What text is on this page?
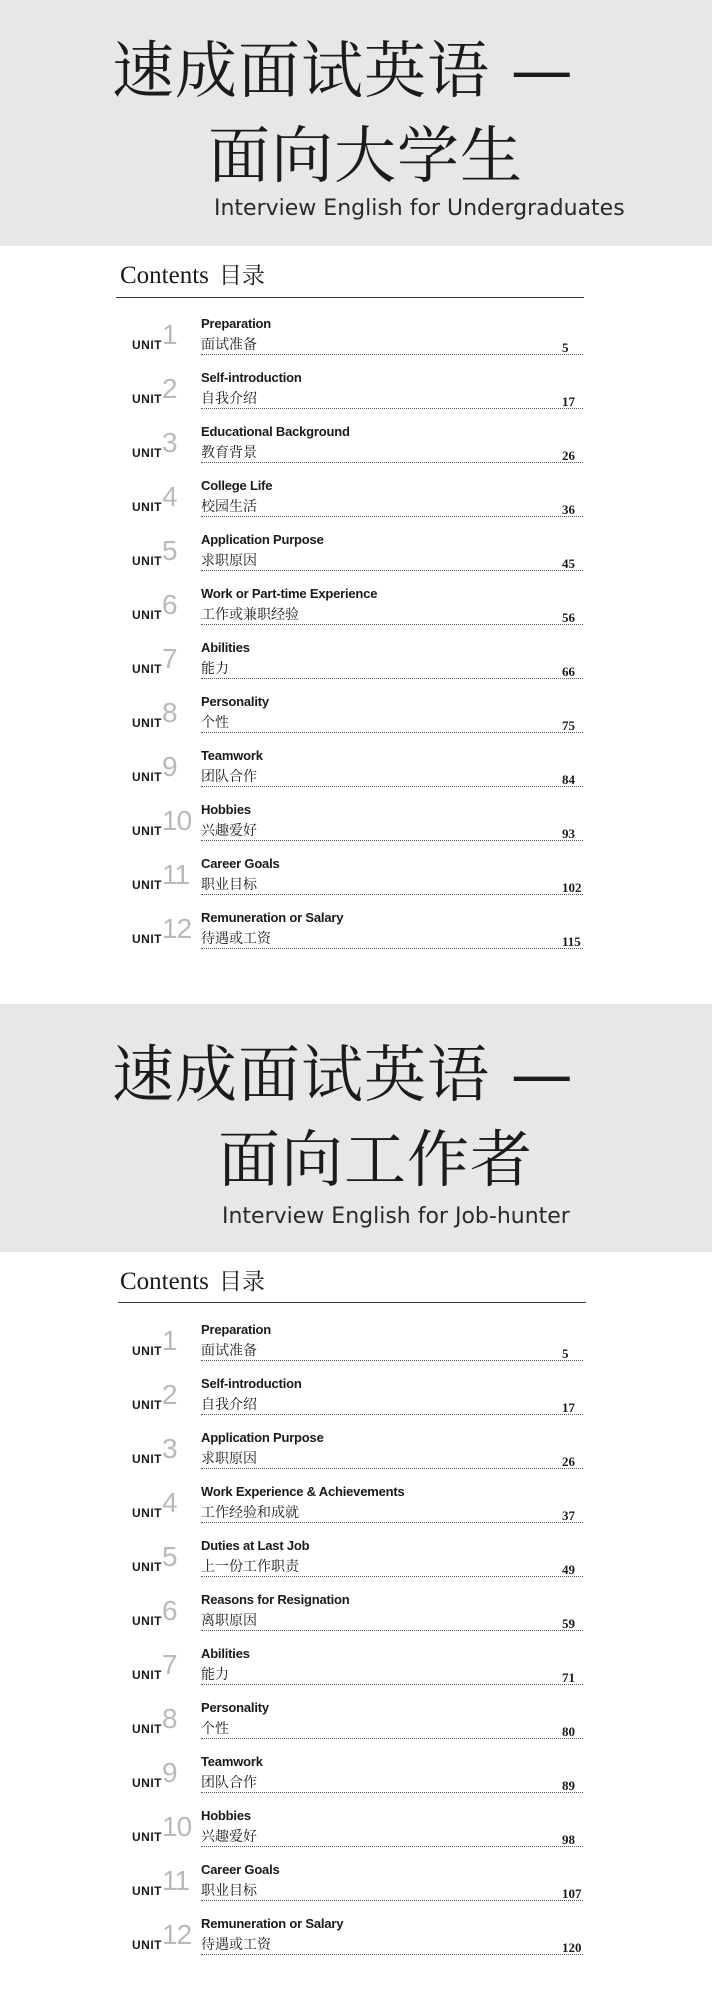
速成面试英语 —
面向大学生
Interview English for Undergraduates
Contents 目录
UNIT 1 Preparation
面试准备	5
UNIT 2 Self-introduction
自我介绍	17
UNIT 3 Educational Background
教育背景	26
UNIT 4 College Life
校园生活	36
UNIT 5 Application Purpose
求职原因	45
UNIT 6 Work or Part-time Experience
工作或兼职经验	56
UNIT 7 Abilities
能力	66
UNIT 8 Personality
个性	75
UNIT 9 Teamwork
团队合作	84
UNIT 10 Hobbies
兴趣爱好	93
UNIT 11 Career Goals
职业目标	102
UNIT 12 Remuneration or Salary
待遇或工资	115
速成面试英语 —
面向工作者
Interview English for Job-hunter
Contents 目录
UNIT 1 Preparation
面试准备	5
UNIT 2 Self-introduction
自我介绍	17
UNIT 3 Application Purpose
求职原因	26
UNIT 4 Work Experience & Achievements
工作经验和成就	37
UNIT 5 Duties at Last Job
上一份工作职责	49
UNIT 6 Reasons for Resignation
离职原因	59
UNIT 7 Abilities
能力	71
UNIT 8 Personality
个性	80
UNIT 9 Teamwork
团队合作	89
UNIT 10 Hobbies
兴趣爱好	98
UNIT 11 Career Goals
职业目标	107
UNIT 12 Remuneration or Salary
待遇或工资	120
